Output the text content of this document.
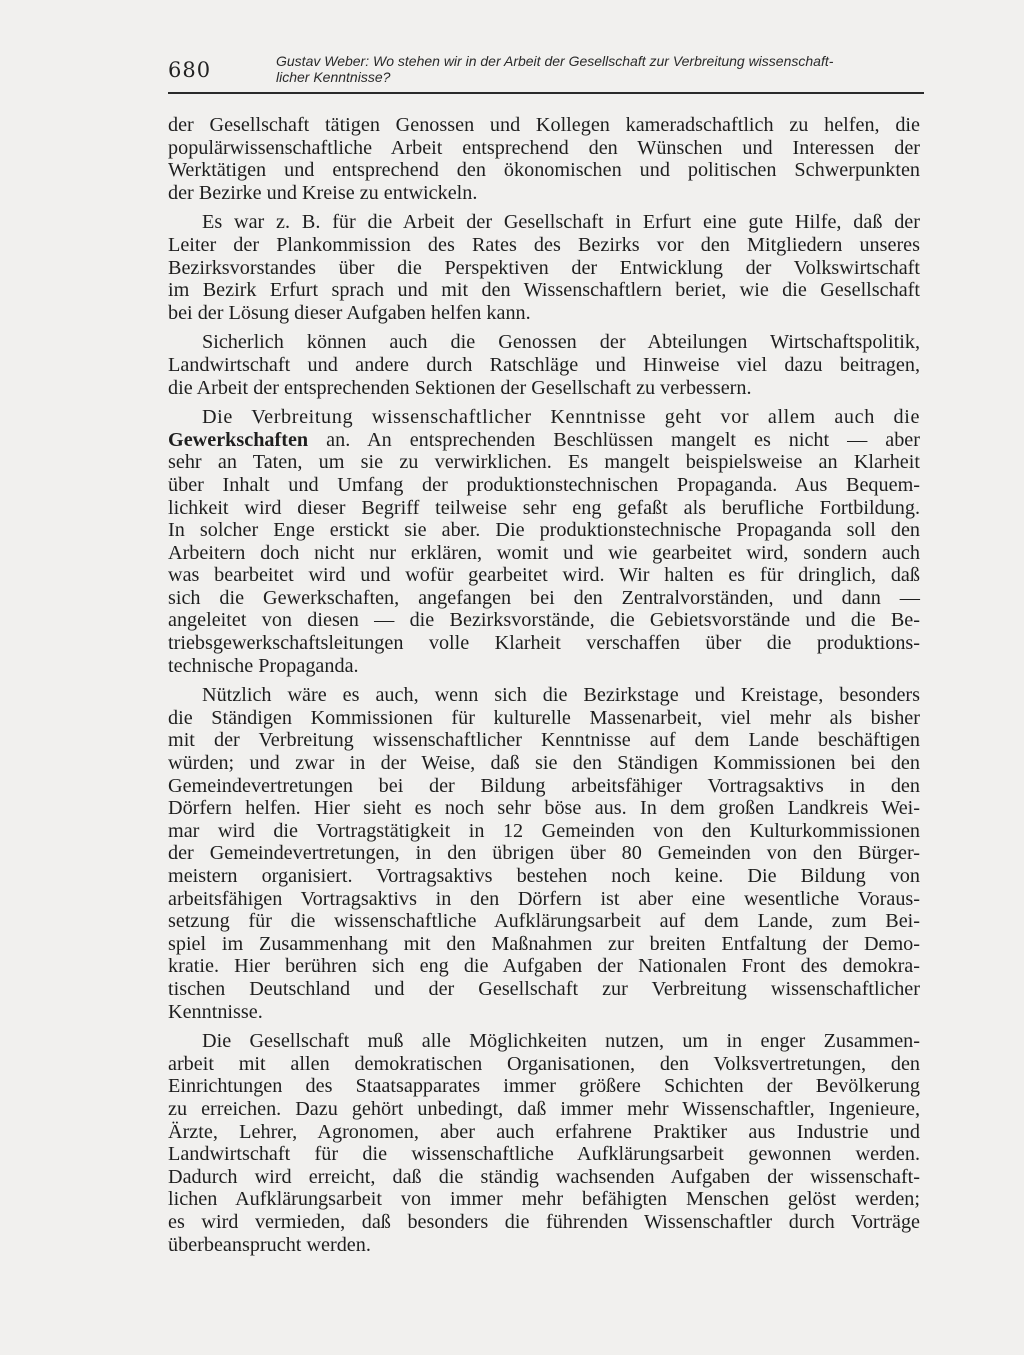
680	Gustav Weber: Wo stehen wir in der Arbeit der Gesellschaft zur Verbreitung wissenschaft-
licher Kenntnisse?
der Gesellschaft tätigen Genossen und Kollegen kameradschaftlich zu helfen, die
populärwissenschaftliche Arbeit entsprechend den Wünschen und Interessen der
Werktätigen und entsprechend den ökonomischen und politischen Schwerpunkten
der Bezirke und Kreise zu entwickeln.
Es war z. B. für die Arbeit der Gesellschaft in Erfurt eine gute Hilfe, daß der
Leiter der Plankommission des Rates des Bezirks vor den Mitgliedern unseres
Bezirksvorstandes über die Perspektiven der Entwicklung der Volkswirtschaft
im Bezirk Erfurt sprach und mit den Wissenschaftlern beriet, wie die Gesellschaft
bei der Lösung dieser Aufgaben helfen kann.
Sicherlich können auch die Genossen der Abteilungen Wirtschaftspolitik,
Landwirtschaft und andere durch Ratschläge und Hinweise viel dazu beitragen,
die Arbeit der entsprechenden Sektionen der Gesellschaft zu verbessern.
Die Verbreitung wissenschaftlicher Kenntnisse geht vor allem auch die
Gewerkschaften an. An entsprechenden Beschlüssen mangelt es nicht — aber
sehr an Taten, um sie zu verwirklichen. Es mangelt beispielsweise an Klarheit
über Inhalt und Umfang der produktionstechnischen Propaganda. Aus Bequem-
lichkeit wird dieser Begriff teilweise sehr eng gefaßt als berufliche Fortbildung.
In solcher Enge erstickt sie aber. Die produktionstechnische Propaganda soll den
Arbeitern doch nicht nur erklären, womit und wie gearbeitet wird, sondern auch
was bearbeitet wird und wofür gearbeitet wird. Wir halten es für dringlich, daß
sich die Gewerkschaften, angefangen bei den Zentralvorständen, und dann —
angeleitet von diesen — die Bezirksvorstände, die Gebietsvorstände und die Be-
triebsgewerkschaftsleitungen volle Klarheit verschaffen über die produktions-
technische Propaganda.
Nützlich wäre es auch, wenn sich die Bezirkstage und Kreistage, besonders
die Ständigen Kommissionen für kulturelle Massenarbeit, viel mehr als bisher
mit der Verbreitung wissenschaftlicher Kenntnisse auf dem Lande beschäftigen
würden; und zwar in der Weise, daß sie den Ständigen Kommissionen bei den
Gemeindevertretungen bei der Bildung arbeitsfähiger Vortragsaktivs in den
Dörfern helfen. Hier sieht es noch sehr böse aus. In dem großen Landkreis Wei-
mar wird die Vortragstätigkeit in 12 Gemeinden von den Kulturkommissionen
der Gemeindevertretungen, in den übrigen über 80 Gemeinden von den Bürger-
meistern organisiert. Vortragsaktivs bestehen noch keine. Die Bildung von
arbeitsfähigen Vortragsaktivs in den Dörfern ist aber eine wesentliche Voraus-
setzung für die wissenschaftliche Aufklärungsarbeit auf dem Lande, zum Bei-
spiel im Zusammenhang mit den Maßnahmen zur breiten Entfaltung der Demo-
kratie. Hier berühren sich eng die Aufgaben der Nationalen Front des demokra-
tischen Deutschland und der Gesellschaft zur Verbreitung wissenschaftlicher
Kenntnisse.
Die Gesellschaft muß alle Möglichkeiten nutzen, um in enger Zusammen-
arbeit mit allen demokratischen Organisationen, den Volksvertretungen, den
Einrichtungen des Staatsapparates immer größere Schichten der Bevölkerung
zu erreichen. Dazu gehört unbedingt, daß immer mehr Wissenschaftler, Ingenieure,
Ärzte, Lehrer, Agronomen, aber auch erfahrene Praktiker aus Industrie und
Landwirtschaft für die wissenschaftliche Aufklärungsarbeit gewonnen werden.
Dadurch wird erreicht, daß die ständig wachsenden Aufgaben der wissenschaft-
lichen Aufklärungsarbeit von immer mehr befähigten Menschen gelöst werden;
es wird vermieden, daß besonders die führenden Wissenschaftler durch Vorträge
überbeansprucht werden.
